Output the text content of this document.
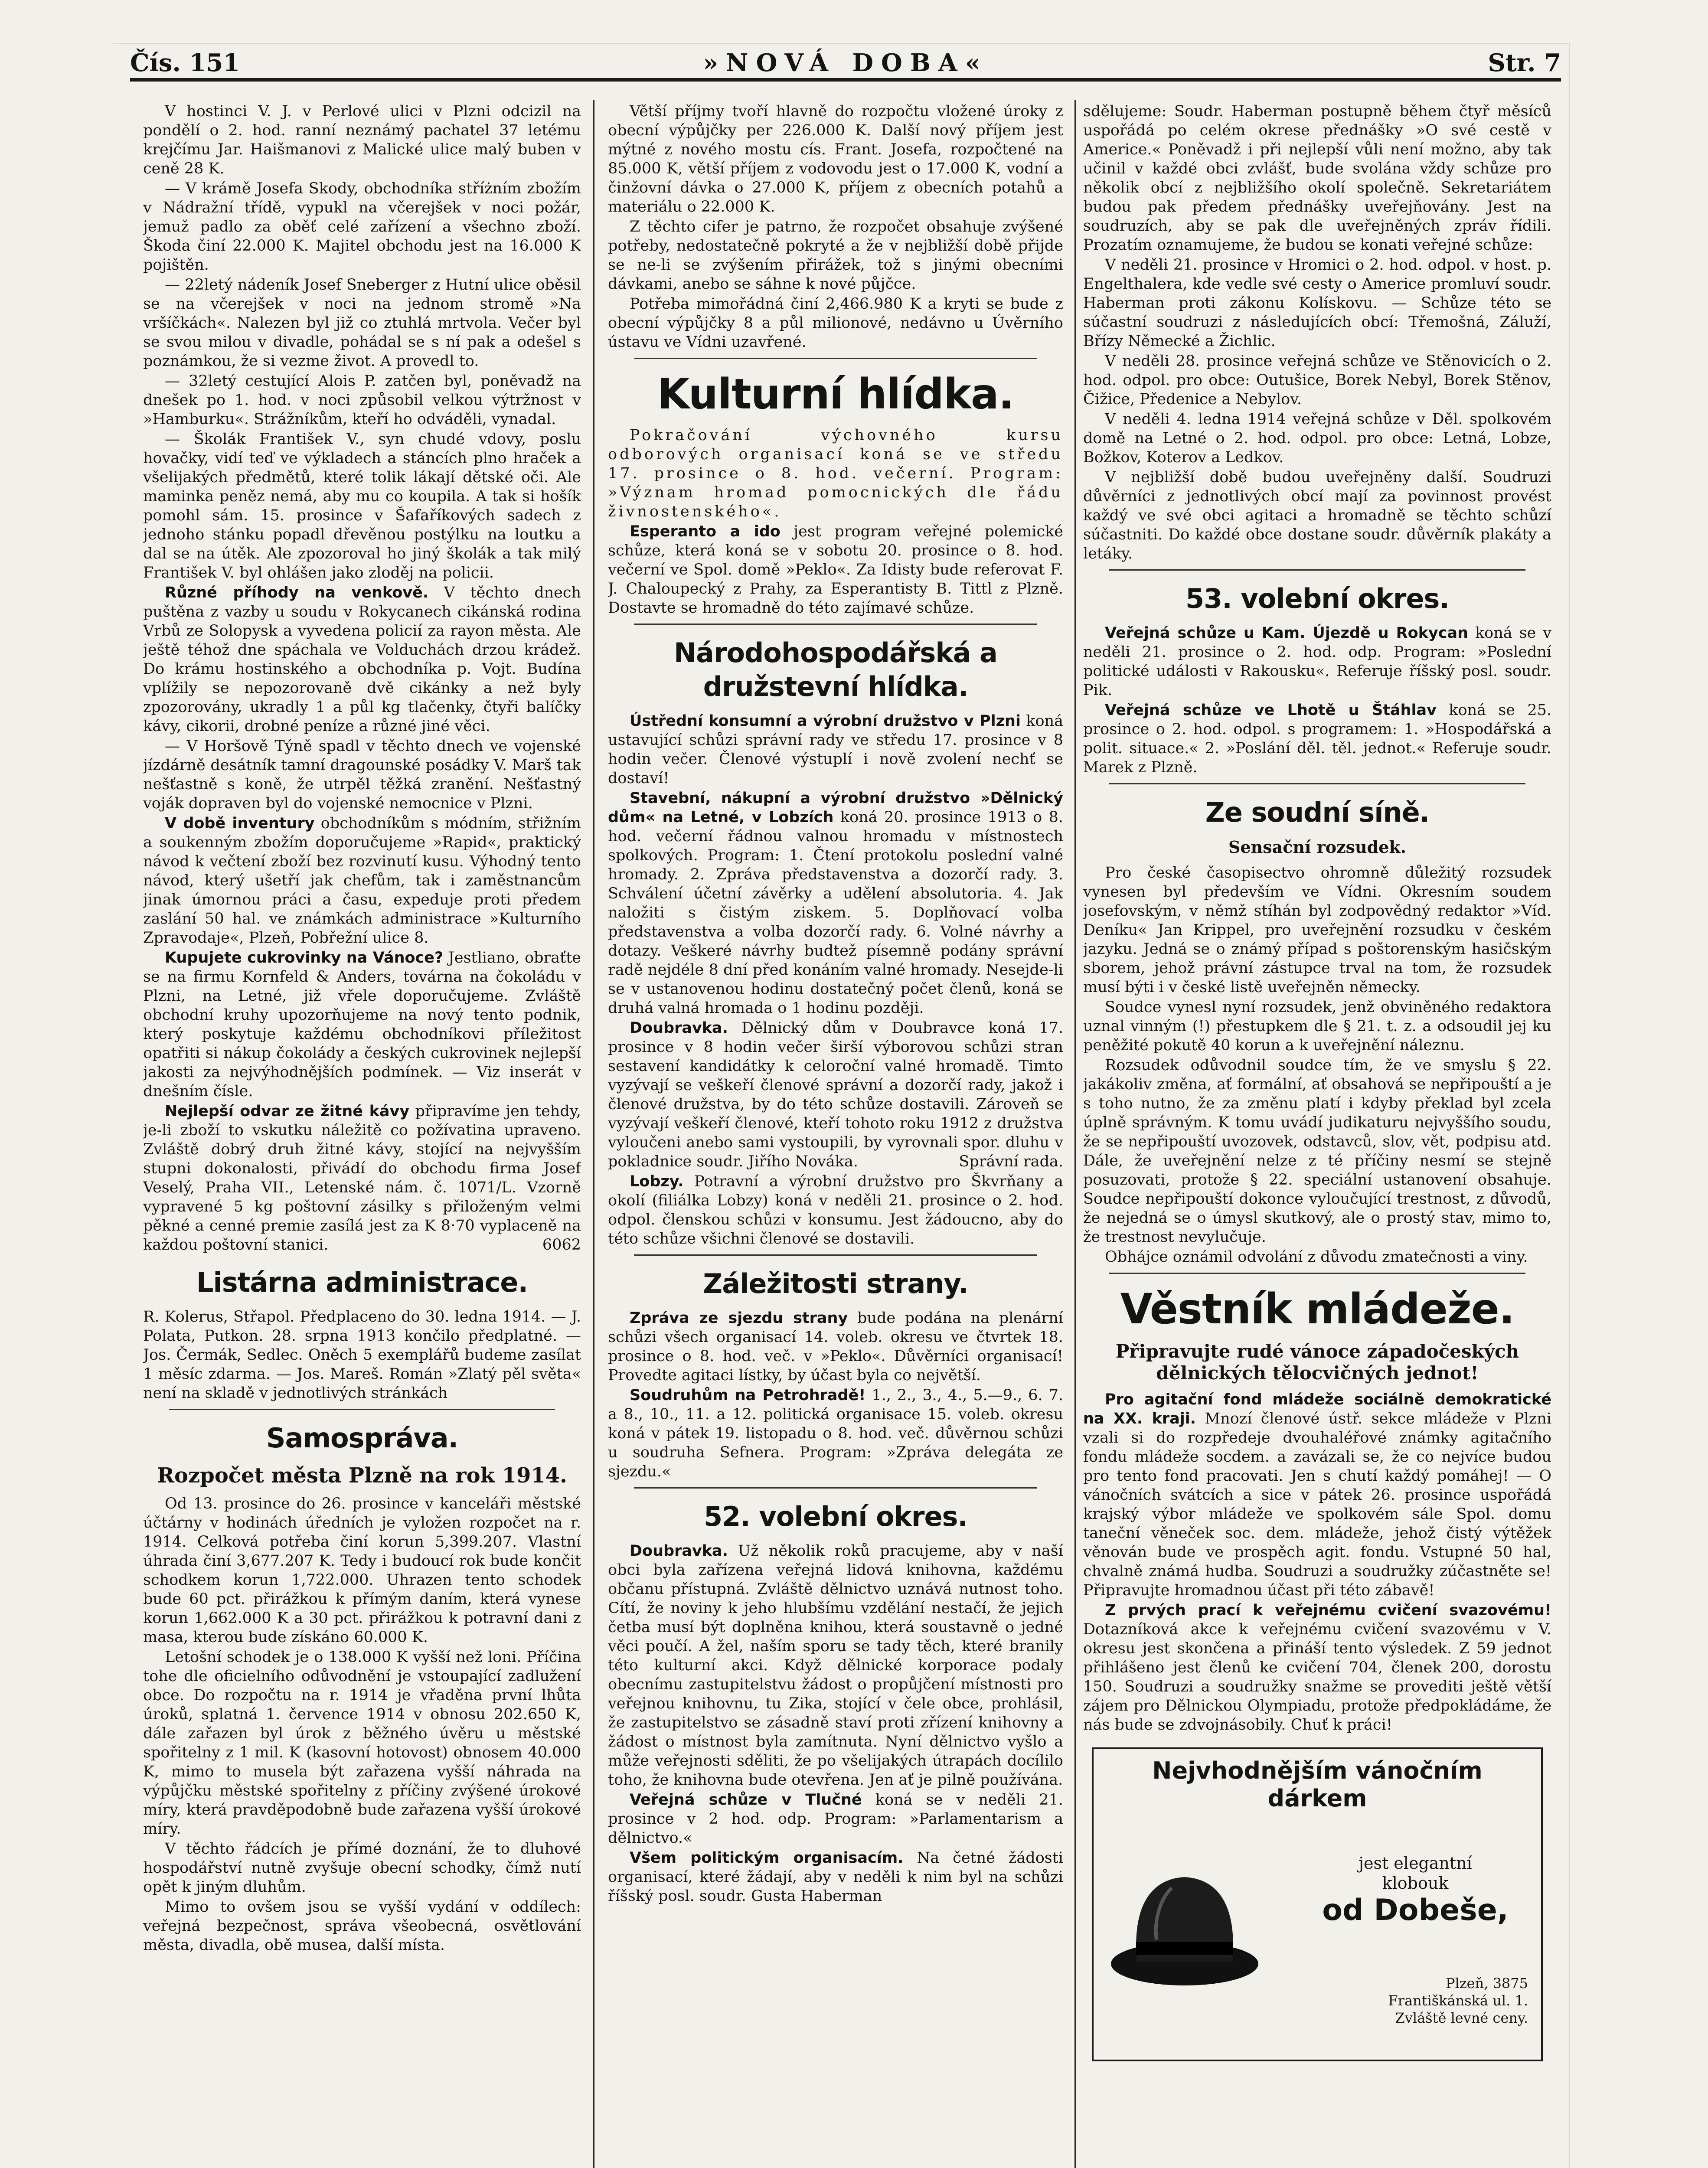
Čís. 151	»NOVÁ DOBA«	Str. 7

V hostinci V. J. v Perlové ulici v Plzni odcizil na pondělí o 2. hod. ranní neznámý pachatel 37 letému krejčímu Jar. Haišmanovi z Malické ulice malý buben v ceně 28 K.

— V krámě Josefa Skody, obchodníka stříżním zbožím v Nádražní třídě, vypukl na včerejšek v noci požár, jemuž padlo za oběť celé zařízení a všechno zboží. Škoda činí 22.000 K. Majitel obchodu jest na 16.000 K pojištěn.

— 22letý nádeník Josef Sneberger z Hutní ulice oběsil se na včerejšek v noci na jednom stromě »Na vršíčkách«. Nalezen byl již co ztuhlá mrtvola. Večer byl se svou milou v divadle, pohádal se s ní pak a odešel s poznámkou, že si vezme život. A provedl to.

— 32letý cestující Alois P. zatčen byl, poněvadž na dnešek po 1. hod. v noci způsobil velkou výtržnost v »Hamburku«. Strážníkům, kteří ho odváděli, vynadal.

— Školák František V., syn chudé vdovy, poslu hovačky, vidí teď ve výkladech a stáncích plno hraček a všelijakých předmětů, které tolik lákají dětské oči. Ale maminka peněz nemá, aby mu co koupila. A tak si hošík pomohl sám. 15. prosince v Šafaříkových sadech z jednoho stánku popadl dřevěnou postýlku na loutku a dal se na útěk. Ale zpozoroval ho jiný školák a tak milý František V. byl ohlášen jako zloděj na policii.

Různé příhody na venkově. V těchto dnech puštěna z vazby u soudu v Rokycanech cikánská rodina Vrbů ze Solopysk a vyvedena policií za rayon města. Ale ještě téhož dne spáchala ve Volduchách drzou krádež. Do krámu hostinského a obchodníka p. Vojt. Budína vplížily se nepozorovaně dvě cikánky a než byly zpozorovány, ukradly 1 a půl kg tlačenky, čtyři balíčky kávy, cikorii, drobné peníze a různé jiné věci.

— V Horšově Týně spadl v těchto dnech ve vojenské jízdárně desátník tamní dragounské posádky V. Marš tak nešťastně s koně, že utrpěl těžká zranění. Nešťastný voják dopraven byl do vojenské nemocnice v Plzni.

V době inventury obchodníkům s módním, střižním a soukenným zbožím doporučujeme »Rapid«, praktický návod k večtení zboží bez rozvinutí kusu. Výhodný tento návod, který ušetří jak chefům, tak i zaměstnancům jinak úmornou práci a času, expeduje proti předem zaslání 50 hal. ve známkách administrace »Kulturního Zpravodaje«, Plzeň, Pobřežní ulice 8.

Kupujete cukrovinky na Vánoce? Jestliano, obraťte se na firmu Kornfeld & Anders, továrna na čokoládu v Plzni, na Letné, již vřele doporučujeme. Zvláště obchodní kruhy upozorňujeme na nový tento podnik, který poskytuje každému obchodníkovi příležitost opatřiti si nákup čokolády a českých cukrovinek nejlepší jakosti za nejvýhodnějších podmínek. — Viz inserát v dnešním čísle.

Nejlepší odvar ze žitné kávy připravíme jen tehdy, je-li zboží to vskutku náležitě co požívatina upraveno. Zvláště dobrý druh žitné kávy, stojící na nejvyšším stupni dokonalosti, přivádí do obchodu firma Josef Veselý, Praha VII., Letenské nám. č. 1071/L. Vzorně vypravené 5 kg poštovní zásilky s přiloženým velmi pěkné a cenné premie zasílá jest za K 8·70 vyplaceně na každou poštovní stanici.	6062

Listárna administrace.

R. Kolerus, Střapol. Předplaceno do 30. ledna 1914. — J. Polata, Putkon. 28. srpna 1913 končilo předplatné. — Jos. Čermák, Sedlec. Oněch 5 exemplářů budeme zasílat 1 měsíc zdarma. — Jos. Mareš. Román »Zlatý pěl světa« není na skladě v jednotlivých stránkách

Samospráva.
Rozpočet města Plzně na rok 1914.

Od 13. prosince do 26. prosince v kanceláři městské účtárny v hodinách úředních je vyložen rozpočet na r. 1914. Celková potřeba činí korun 5,399.207. Vlastní úhrada činí 3,677.207 K. Tedy i budoucí rok bude končit schodkem korun 1,722.000. Uhrazen tento schodek bude 60 pct. přirážkou k přímým daním, která vynese korun 1,662.000 K a 30 pct. přirážkou k potravní dani z masa, kterou bude získáno 60.000 K.

Letošní schodek je o 138.000 K vyšší než loni. Příčina tohe dle oficielního odůvodnění je vstoupající zadlužení obce. Do rozpočtu na r. 1914 je vřaděna první lhůta úroků, splatná 1. července 1914 v obnosu 202.650 K, dále zařazen byl úrok z běžného úvěru u městské spořitelny z 1 mil. K (kasovní hotovost) obnosem 40.000 K, mimo to musela být zařazena vyšší náhrada na výpůjčku městské spořitelny z příčiny zvýšené úrokové míry, která pravděpodobně bude zařazena vyšší úrokové míry.

V těchto řádcích je přímé doznání, že to dluhové hospodářství nutně zvyšuje obecní schodky, čímž nutí opět k jiným dluhům.

Mimo to ovšem jsou se vyšší vydání v oddílech: veřejná bezpečnost, správa všeobecná, osvětlování města, divadla, obě musea, další místa.

Větší příjmy tvoří hlavně do rozpočtu vložené úroky z obecní výpůjčky per 226.000 K. Další nový příjem jest mýtné z nového mostu cís. Frant. Josefa, rozpočtené na 85.000 K, větší příjem z vodovodu jest o 17.000 K, vodní a činžovní dávka o 27.000 K, příjem z obecních potahů a materiálu o 22.000 K.

Z těchto cifer je patrno, že rozpočet obsahuje zvýšené potřeby, nedostatečně pokryté a že v nejbližší době přijde se ne-li se zvýšením přirážek, tož s jinými obecními dávkami, anebo se sáhne k nové půjčce.

Potřeba mimořádná činí 2,466.980 K a kryti se bude z obecní výpůjčky 8 a půl milionové, nedávno u Úvěrního ústavu ve Vídni uzavřené.

Kulturní hlídka.

Pokračování výchovného kursu odborových organisací koná se ve středu 17. prosince o 8. hod. večerní. Program: »Význam hromad pomocnických dle řádu živnostenského«.

Esperanto a ido jest program veřejné polemické schůze, která koná se v sobotu 20. prosince o 8. hod. večerní ve Spol. domě »Peklo«. Za Idisty bude referovat F. J. Chaloupecký z Prahy, za Esperantisty B. Tittl z Plzně. Dostavte se hromadně do této zajímavé schůze.

Národohospodářská a družstevní hlídka.

Ústřední konsumní a výrobní družstvo v Plzni koná ustavující schůzi správní rady ve středu 17. prosince v 8 hodin večer. Členové výstuplí i nově zvolení nechť se dostaví!

Stavební, nákupní a výrobní družstvo »Dělnický dům« na Letné, v Lobzích koná 20. prosince 1913 o 8. hod. večerní řádnou valnou hromadu v místnostech spolkových. Program: 1. Čtení protokolu poslední valné hromady. 2. Zpráva představenstva a dozorčí rady. 3. Schválení účetní závěrky a udělení absolutoria. 4. Jak naložiti s čistým ziskem. 5. Doplňovací volba představenstva a volba dozorčí rady. 6. Volné návrhy a dotazy. Veškeré návrhy budtež písemně podány správní radě nejdéle 8 dní před konáním valné hromady. Nesejde-li se v ustanovenou hodinu dostatečný počet členů, koná se druhá valná hromada o 1 hodinu později.

Doubravka. Dělnický dům v Doubravce koná 17. prosince v 8 hodin večer širší výborovou schůzi stran sestavení kandidátky k celoroční valné hromadě. Timto vyzývají se veškeří členové správní a dozorčí rady, jakož i členové družstva, by do této schůze dostavili. Zároveň se vyzývají veškeří členové, kteří tohoto roku 1912 z družstva vyloučeni anebo sami vystoupili, by vyrovnali spor. dluhu v pokladnice soudr. Jiřího Nováka.	Správní rada.

Lobzy. Potravní a výrobní družstvo pro Škvrňany a okolí (filiálka Lobzy) koná v neděli 21. prosince o 2. hod. odpol. členskou schůzi v konsumu. Jest žádoucno, aby do této schůze všichni členové se dostavili.

Záležitosti strany.

Zpráva ze sjezdu strany bude podána na plenární schůzi všech organisací 14. voleb. okresu ve čtvrtek 18. prosince o 8. hod. več. v »Peklo«. Důvěrníci organisací! Provedte agitaci lístky, by účast byla co největší.

Soudruhům na Petrohradě! 1., 2., 3., 4., 5.—9., 6. 7. a 8., 10., 11. a 12. politická organisace 15. voleb. okresu koná v pátek 19. listopadu o 8. hod. več. důvěrnou schůzi u soudruha Sefnera. Program: »Zpráva delegáta ze sjezdu.«

52. volební okres.

Doubravka. Už několik roků pracujeme, aby v naší obci byla zařízena veřejná lidová knihovna, každému občanu přístupná. Zvláště dělnictvo uznává nutnost toho. Cítí, že noviny k jeho hlubšímu vzdělání nestačí, že jejich četba musí být doplněna knihou, která soustavně o jedné věci poučí. A žel, naším sporu se tady těch, které branily této kulturní akci. Když dělnické korporace podaly obecnímu zastupitelstvu žádost o propůjčení místnosti pro veřejnou knihovnu, tu Zika, stojící v čele obce, prohlásil, že zastupitelstvo se zásadně staví proti zřízení knihovny a žádost o místnost byla zamítnuta. Nyní dělnictvo vyšlo a může veřejnosti sděliti, že po všelijakých útrapách docílilo toho, že knihovna bude otevřena. Jen ať je pilně používána.

Veřejná schůze v Tlučné koná se v neděli 21. prosince v 2 hod. odp. Program: »Parlamentarism a dělnictvo.«

Všem politickým organisacím. Na četné žádosti organisací, které žádají, aby v neděli k nim byl na schůzi říšský posl. soudr. Gusta Haberman

sdělujeme: Soudr. Haberman postupně během čtyř měsíců uspořádá po celém okrese přednášky »O své cestě v Americe.« Poněvadž i při nejlepší vůli není možno, aby tak učinil v každé obci zvlášť, bude svolána vždy schůze pro několik obcí z nejbližšího okolí společně. Sekretariátem budou pak předem přednášky uveřejňovány. Jest na soudruzích, aby se pak dle uveřejněných zpráv řídili. Prozatím oznamujeme, že budou se konati veřejné schůze:

V neděli 21. prosince v Hromici o 2. hod. odpol. v host. p. Engelthalera, kde vedle své cesty o Americe promluví soudr. Haberman proti zákonu Kolískovu. — Schůze této se súčastní soudruzi z následujících obcí: Třemošná, Záluží, Břízy Německé a Žichlic.

V neděli 28. prosince veřejná schůze ve Stěnovicích o 2. hod. odpol. pro obce: Outušice, Borek Nebyl, Borek Stěnov, Čižice, Předenice a Nebylov.

V neděli 4. ledna 1914 veřejná schůze v Děl. spolkovém domě na Letné o 2. hod. odpol. pro obce: Letná, Lobze, Božkov, Koterov a Ledkov.

V nejbližší době budou uveřejněny další. Soudruzi důvěrníci z jednotlivých obcí mají za povinnost provést každý ve své obci agitaci a hromadně se těchto schůzí súčastniti. Do každé obce dostane soudr. důvěrník plakáty a letáky.

53. volební okres.

Veřejná schůze u Kam. Újezdě u Rokycan koná se v neděli 21. prosince o 2. hod. odp. Program: »Poslední politické události v Rakousku«. Referuje říšský posl. soudr. Pik.

Veřejná schůze ve Lhotě u Štáhlav koná se 25. prosince o 2. hod. odpol. s programem: 1. »Hospodářská a polit. situace.« 2. »Poslání děl. těl. jednot.« Referuje soudr. Marek z Plzně.

Ze soudní síně.
Sensační rozsudek.

Pro české časopisectvo ohromně důležitý rozsudek vynesen byl především ve Vídni. Okresním soudem josefovským, v němž stíhán byl zodpovědný redaktor »Víd. Deníku« Jan Krippel, pro uveřejnění rozsudku v českém jazyku. Jedná se o známý případ s poštorenským hasičským sborem, jehož právní zástupce trval na tom, že rozsudek musí býti i v české listě uveřejněn německy.

Soudce vynesl nyní rozsudek, jenž obviněného redaktora uznal vinným (!) přestupkem dle § 21. t. z. a odsoudil jej ku peněžité pokutě 40 korun a k uveřejnění náleznu.

Rozsudek odůvodnil soudce tím, že ve smyslu § 22. jakákoliv změna, ať formální, ať obsahová se nepřipouští a je s toho nutno, že za změnu platí i kdyby překlad byl zcela úplně správným. K tomu uvádí judikaturu nejvyššího soudu, že se nepřipouští uvozovek, odstavců, slov, vět, podpisu atd. Dále, že uveřejnění nelze z té příčiny nesmí se stejně posuzovati, protože § 22. speciální ustanovení obsahuje. Soudce nepřipouští dokonce vyloučující trestnost, z důvodů, že nejedná se o úmysl skutkový, ale o prostý stav, mimo to, že trestnost nevylučuje.

Obhájce oznámil odvolání z důvodu zmatečnosti a viny.

Věstník mládeže.
Připravujte rudé vánoce západočeských dělnických tělocvičných jednot!

Pro agitační fond mládeže sociálně demokratické na XX. kraji. Mnozí členové ústř. sekce mládeže v Plzni vzali si do rozpředeje dvouhaléřové známky agitačního fondu mládeže socdem. a zavázali se, že co nejvíce budou pro tento fond pracovati. Jen s chutí každý pomáhej! — O vánočních svátcích a sice v pátek 26. prosince uspořádá krajský výbor mládeže ve spolkovém sále Spol. domu taneční věneček soc. dem. mládeže, jehož čistý výtěžek věnován bude ve prospěch agit. fondu. Vstupné 50 hal, chvalně známá hudba. Soudruzi a soudružky zúčastněte se! Připravujte hromadnou účast při této zábavě!

Z prvých prací k veřejnému cvičení svazovému! Dotazníková akce k veřejnému cvičení svazovému v V. okresu jest skončena a přináší tento výsledek. Z 59 jednot přihlášeno jest členů ke cvičení 704, členek 200, dorostu 150. Soudruzi a soudružky snažme se provediti ještě větší zájem pro Dělnickou Olympiadu, protože předpokládáme, že nás bude se zdvojnásobily. Chuť k práci!

Nejvhodnějším vánočním dárkem
jest elegantní
klobouk
od Dobeše,
Plzeň, 3875
Františkánská ul. 1.
Zvláště levné ceny.
